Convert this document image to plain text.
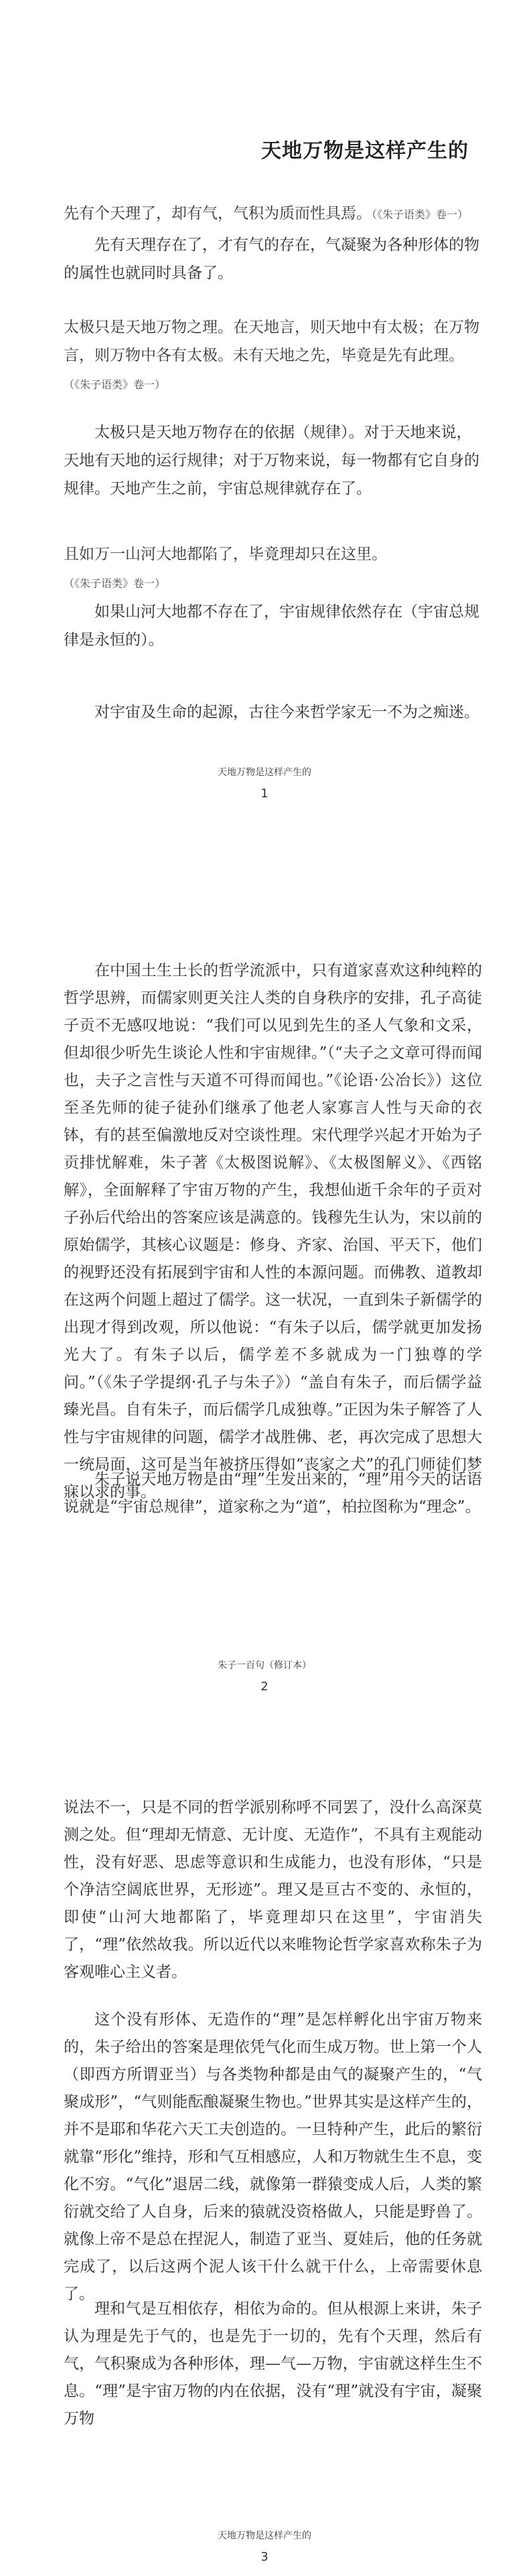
天地万物是这样产生的
先有个天理了，却有气，气积为质而性具焉。（《朱子语类》卷一）
先有天理存在了，才有气的存在，气凝聚为各种形体的物的属性也就同时具备了。
太极只是天地万物之理。在天地言，则天地中有太极；在万物言，则万物中各有太极。未有天地之先，毕竟是先有此理。（《朱子语类》卷一）
太极只是天地万物存在的依据（规律）。对于天地来说，天地有天地的运行规律；对于万物来说，每一物都有它自身的规律。天地产生之前，宇宙总规律就存在了。
且如万一山河大地都陷了，毕竟理却只在这里。（《朱子语类》卷一）
如果山河大地都不存在了，宇宙规律依然存在（宇宙总规律是永恒的）。
对宇宙及生命的起源，古往今来哲学家无一不为之痴迷。
天地万物是这样产生的
1
在中国土生土长的哲学流派中，只有道家喜欢这种纯粹的哲学思辨，而儒家则更关注人类的自身秩序的安排，孔子高徒子贡不无感叹地说：“我们可以见到先生的圣人气象和文采，但却很少听先生谈论人性和宇宙规律。”（“夫子之文章可得而闻也，夫子之言性与天道不可得而闻也。”《论语·公冶长》）这位至圣先师的徒子徒孙们继承了他老人家寡言人性与天命的衣钵，有的甚至偏激地反对空谈性理。宋代理学兴起才开始为子贡排忧解难，朱子著《太极图说解》、《太极图解义》、《西铭解》，全面解释了宇宙万物的产生，我想仙逝千余年的子贡对子孙后代给出的答案应该是满意的。钱穆先生认为，宋以前的原始儒学，其核心议题是：修身、齐家、治国、平天下，他们的视野还没有拓展到宇宙和人性的本源问题。而佛教、道教却在这两个问题上超过了儒学。这一状况，一直到朱子新儒学的出现才得到改观，所以他说：“有朱子以后，儒学就更加发扬光大了。有朱子以后，儒学差不多就成为一门独尊的学问。”（《朱子学提纲·孔子与朱子》）“盖自有朱子，而后儒学益臻光昌。自有朱子，而后儒学几成独尊。”正因为朱子解答了人性与宇宙规律的问题，儒学才战胜佛、老，再次完成了思想大一统局面，这可是当年被挤压得如“丧家之犬”的孔门师徒们梦寐以求的事。
朱子说天地万物是由“理”生发出来的，“理”用今天的话语说就是“宇宙总规律”，道家称之为“道”，柏拉图称为“理念”。
朱子一百句（修订本）
2
说法不一，只是不同的哲学派别称呼不同罢了，没什么高深莫测之处。但“理却无情意、无计度、无造作”，不具有主观能动性，没有好恶、思虑等意识和生成能力，也没有形体，“只是个净洁空阔底世界，无形迹”。理又是亘古不变的、永恒的，即使“山河大地都陷了，毕竟理却只在这里”，宇宙消失了，“理”依然故我。所以近代以来唯物论哲学家喜欢称朱子为客观唯心主义者。
这个没有形体、无造作的“理”是怎样孵化出宇宙万物来的，朱子给出的答案是理依凭气化而生成万物。世上第一个人（即西方所谓亚当）与各类物种都是由气的凝聚产生的，“气聚成形”，“气则能酝酿凝聚生物也。”世界其实是这样产生的，并不是耶和华花六天工夫创造的。一旦特种产生，此后的繁衍就靠“形化”维持，形和气互相感应，人和万物就生生不息，变化不穷。“气化”退居二线，就像第一群猿变成人后，人类的繁衍就交给了人自身，后来的猿就没资格做人，只能是野兽了。就像上帝不是总在捏泥人，制造了亚当、夏娃后，他的任务就完成了，以后这两个泥人该干什么就干什么，上帝需要休息了。
理和气是互相依存，相依为命的。但从根源上来讲，朱子认为理是先于气的，也是先于一切的，先有个天理，然后有气，气积聚成为各种形体，理—气—万物，宇宙就这样生生不息。“理”是宇宙万物的内在依据，没有“理”就没有宇宙，凝聚万物
天地万物是这样产生的
3
